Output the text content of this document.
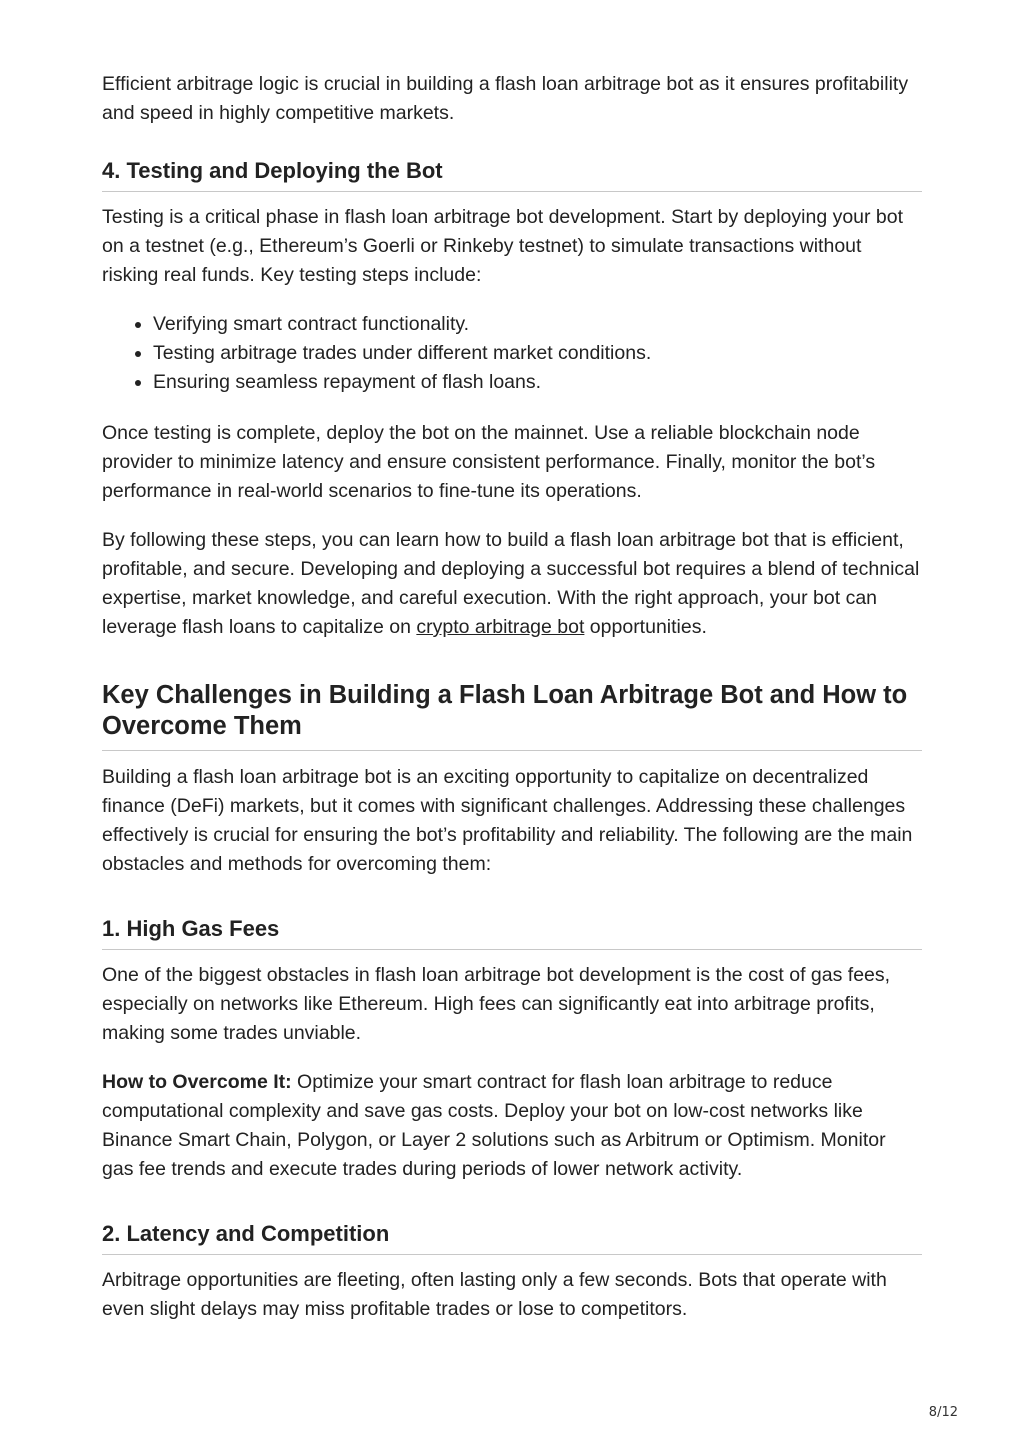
Efficient arbitrage logic is crucial in building a flash loan arbitrage bot as it ensures profitability and speed in highly competitive markets.

4. Testing and Deploying the Bot

Testing is a critical phase in flash loan arbitrage bot development. Start by deploying your bot on a testnet (e.g., Ethereum’s Goerli or Rinkeby testnet) to simulate transactions without risking real funds. Key testing steps include:

• Verifying smart contract functionality.
• Testing arbitrage trades under different market conditions.
• Ensuring seamless repayment of flash loans.

Once testing is complete, deploy the bot on the mainnet. Use a reliable blockchain node provider to minimize latency and ensure consistent performance. Finally, monitor the bot’s performance in real-world scenarios to fine-tune its operations.

By following these steps, you can learn how to build a flash loan arbitrage bot that is efficient, profitable, and secure. Developing and deploying a successful bot requires a blend of technical expertise, market knowledge, and careful execution. With the right approach, your bot can leverage flash loans to capitalize on crypto arbitrage bot opportunities.

Key Challenges in Building a Flash Loan Arbitrage Bot and How to Overcome Them

Building a flash loan arbitrage bot is an exciting opportunity to capitalize on decentralized finance (DeFi) markets, but it comes with significant challenges. Addressing these challenges effectively is crucial for ensuring the bot’s profitability and reliability. The following are the main obstacles and methods for overcoming them:

1. High Gas Fees

One of the biggest obstacles in flash loan arbitrage bot development is the cost of gas fees, especially on networks like Ethereum. High fees can significantly eat into arbitrage profits, making some trades unviable.

How to Overcome It: Optimize your smart contract for flash loan arbitrage to reduce computational complexity and save gas costs. Deploy your bot on low-cost networks like Binance Smart Chain, Polygon, or Layer 2 solutions such as Arbitrum or Optimism. Monitor gas fee trends and execute trades during periods of lower network activity.

2. Latency and Competition

Arbitrage opportunities are fleeting, often lasting only a few seconds. Bots that operate with even slight delays may miss profitable trades or lose to competitors.

8/12
